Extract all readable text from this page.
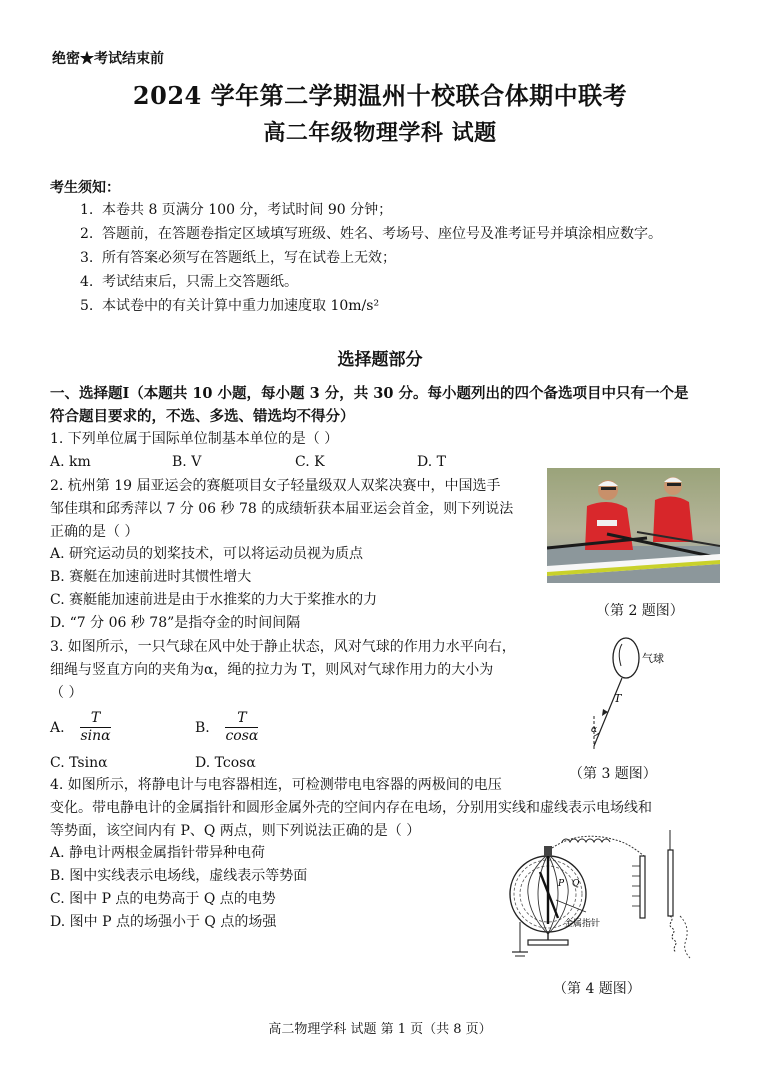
绝密★考试结束前
2024 学年第二学期温州十校联合体期中联考
高二年级物理学科 试题
考生须知：
1. 本卷共 8 页满分 100 分，考试时间 90 分钟；
2. 答题前，在答题卷指定区域填写班级、姓名、考场号、座位号及准考证号并填涂相应数字。
3. 所有答案必须写在答题纸上，写在试卷上无效；
4. 考试结束后，只需上交答题纸。
5. 本试卷中的有关计算中重力加速度取 10m/s²
选择题部分
一、选择题Ⅰ（本题共 10 小题，每小题 3 分，共 30 分。每小题列出的四个备选项目中只有一个是
符合题目要求的，不选、多选、错选均不得分）
1. 下列单位属于国际单位制基本单位的是（ ）
A. km	B. V	C. K	D. T
2. 杭州第 19 届亚运会的赛艇项目女子轻量级双人双桨决赛中，中国选手
邹佳琪和邱秀萍以 7 分 06 秒 78 的成绩斩获本届亚运会首金，则下列说法
正确的是（ ）
A. 研究运动员的划桨技术，可以将运动员视为质点
B. 赛艇在加速前进时其惯性增大
C. 赛艇能加速前进是由于水推桨的力大于桨推水的力
D. “7 分 06 秒 78”是指夺金的时间间隔
（第 2 题图）
3. 如图所示，一只气球在风中处于静止状态，风对气球的作用力水平向右，
细绳与竖直方向的夹角为α，绳的拉力为 T，则风对气球作用力的大小为
（ ）
A. $\frac{T}{\sin\alpha}$	B. $\frac{T}{\cos\alpha}$
C. Tsinα	D. Tcosα
气球
T
α
（第 3 题图）
4. 如图所示，将静电计与电容器相连，可检测带电电容器的两极间的电压
变化。带电静电计的金属指针和圆形金属外壳的空间内存在电场，分别用实线和虚线表示电场线和
等势面，该空间内有 P、Q 两点，则下列说法正确的是（ ）
A. 静电计两根金属指针带异种电荷
B. 图中实线表示电场线，虚线表示等势面
C. 图中 P 点的电势高于 Q 点的电势
D. 图中 P 点的场强小于 Q 点的场强
P Q
金属指针
（第 4 题图）
高二物理学科 试题 第 1 页（共 8 页）
